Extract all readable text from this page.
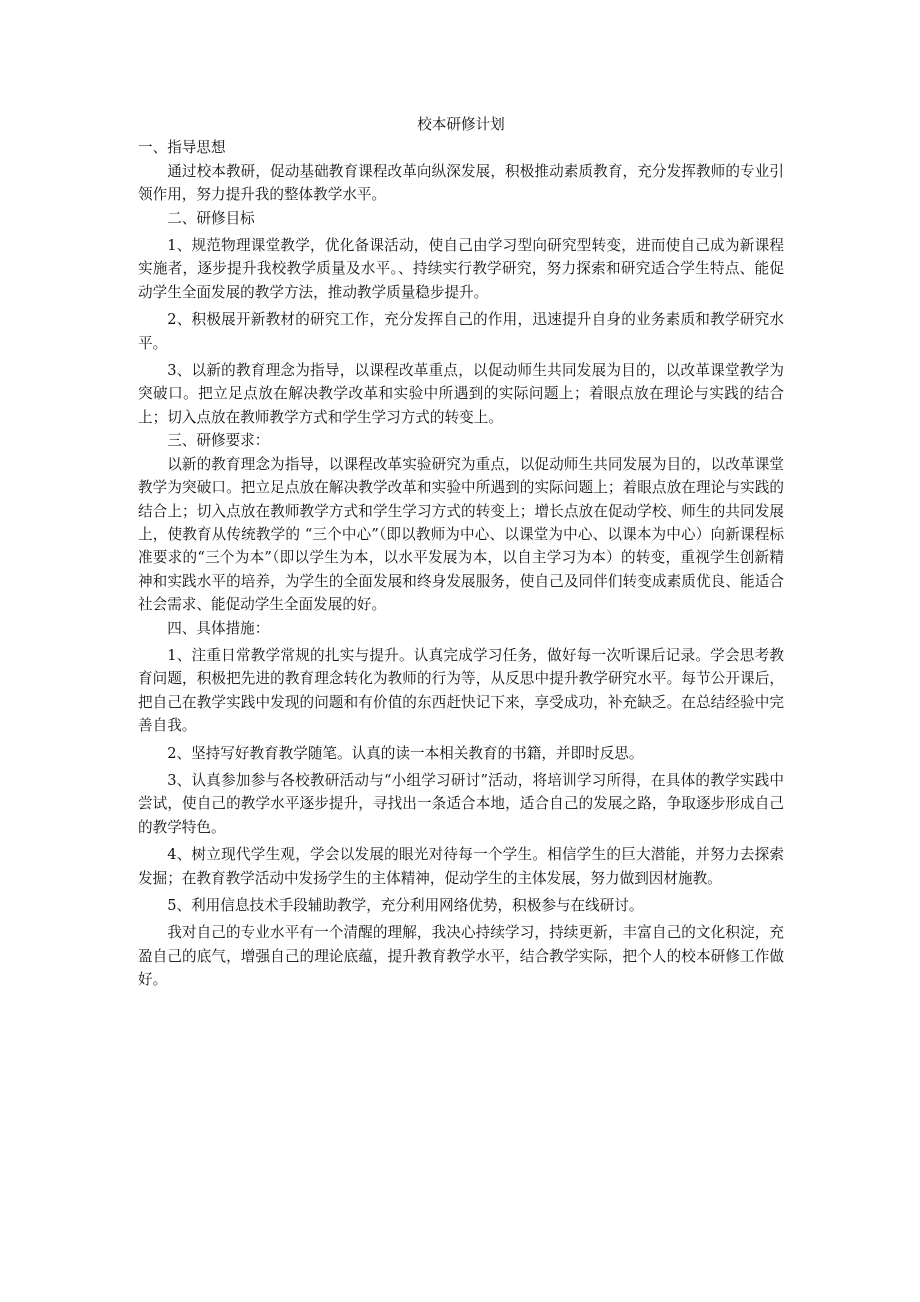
校本研修计划

一、指导思想

通过校本教研，促动基础教育课程改革向纵深发展，积极推动素质教育，充分发挥教师的专业引领作用，努力提升我的整体教学水平。

二、研修目标

1、规范物理课堂教学，优化备课活动，使自己由学习型向研究型转变，进而使自己成为新课程实施者，逐步提升我校教学质量及水平。、持续实行教学研究，努力探索和研究适合学生特点、能促动学生全面发展的教学方法，推动教学质量稳步提升。

2、积极展开新教材的研究工作，充分发挥自己的作用，迅速提升自身的业务素质和教学研究水平。

3、以新的教育理念为指导，以课程改革重点，以促动师生共同发展为目的，以改革课堂教学为突破口。把立足点放在解决教学改革和实验中所遇到的实际问题上；着眼点放在理论与实践的结合上；切入点放在教师教学方式和学生学习方式的转变上。

三、研修要求：

以新的教育理念为指导，以课程改革实验研究为重点，以促动师生共同发展为目的，以改革课堂教学为突破口。把立足点放在解决教学改革和实验中所遇到的实际问题上；着眼点放在理论与实践的结合上；切入点放在教师教学方式和学生学习方式的转变上；增长点放在促动学校、师生的共同发展上，使教育从传统教学的 “三个中心”（即以教师为中心、以课堂为中心、以课本为中心）向新课程标准要求的“三个为本”（即以学生为本，以水平发展为本，以自主学习为本）的转变，重视学生创新精神和实践水平的培养，为学生的全面发展和终身发展服务，使自己及同伴们转变成素质优良、能适合社会需求、能促动学生全面发展的好。

四、具体措施：

1、注重日常教学常规的扎实与提升。认真完成学习任务，做好每一次听课后记录。学会思考教育问题，积极把先进的教育理念转化为教师的行为等，从反思中提升教学研究水平。每节公开课后，把自己在教学实践中发现的问题和有价值的东西赶快记下来，享受成功，补充缺乏。在总结经验中完善自我。

2、坚持写好教育教学随笔。认真的读一本相关教育的书籍，并即时反思。

3、认真参加参与各校教研活动与“小组学习研讨”活动，将培训学习所得，在具体的教学实践中尝试，使自己的教学水平逐步提升，寻找出一条适合本地，适合自己的发展之路，争取逐步形成自己的教学特色。

4、树立现代学生观，学会以发展的眼光对待每一个学生。相信学生的巨大潜能，并努力去探索发掘；在教育教学活动中发扬学生的主体精神，促动学生的主体发展，努力做到因材施教。

5、利用信息技术手段辅助教学，充分利用网络优势，积极参与在线研讨。

我对自己的专业水平有一个清醒的理解，我决心持续学习，持续更新，丰富自己的文化积淀，充盈自己的底气，增强自己的理论底蕴，提升教育教学水平，结合教学实际，把个人的校本研修工作做好。
